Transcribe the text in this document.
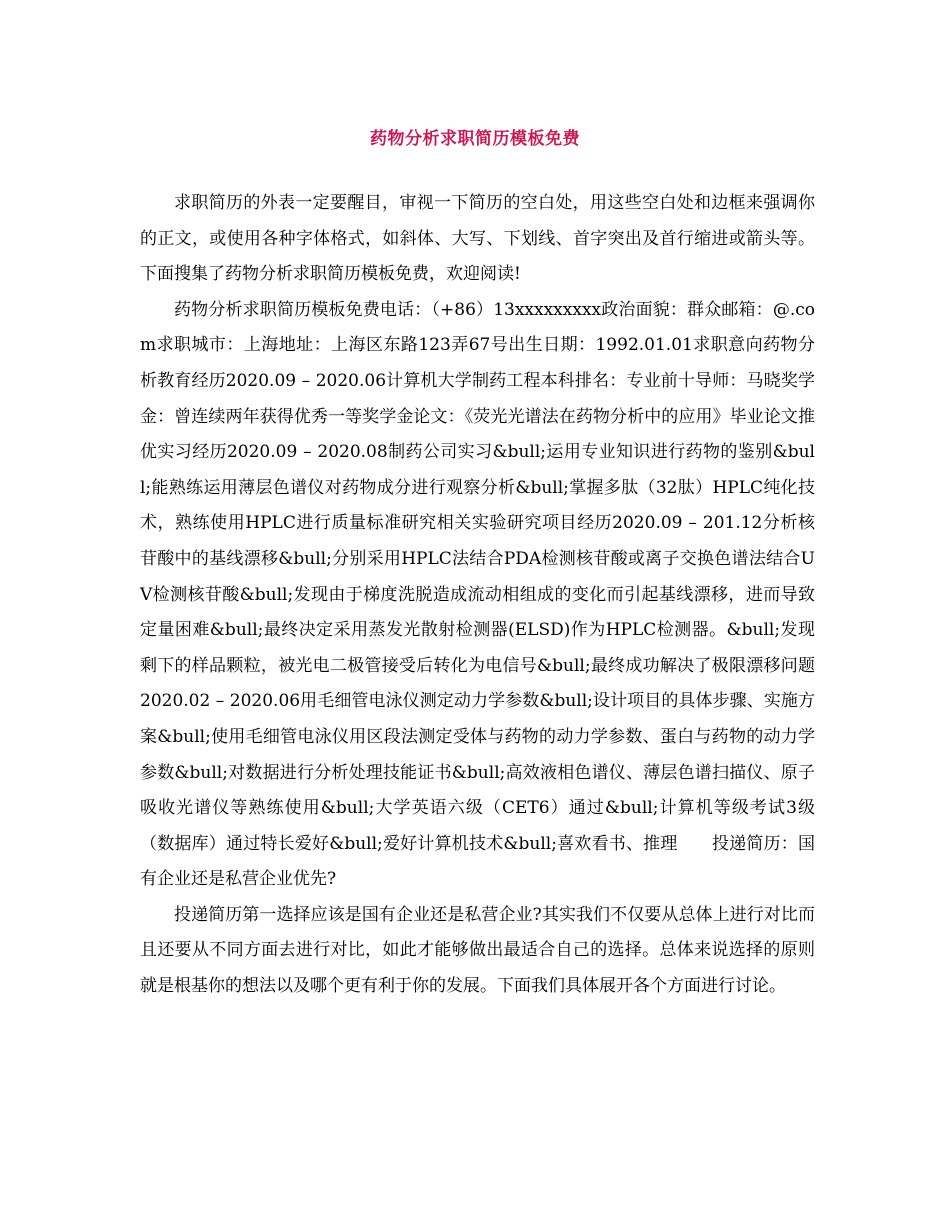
药物分析求职简历模板免费

求职简历的外表一定要醒目，审视一下简历的空白处，用这些空白处和边框来强调你的正文，或使用各种字体格式，如斜体、大写、下划线、首字突出及首行缩进或箭头等。下面搜集了药物分析求职简历模板免费，欢迎阅读!

药物分析求职简历模板免费电话：（+86）13xxxxxxxxx政治面貌：群众邮箱：@.com求职城市：上海地址：上海区东路123弄67号出生日期：1992.01.01求职意向药物分析教育经历2020.09 – 2020.06计算机大学制药工程本科排名：专业前十导师：马晓奖学金：曾连续两年获得优秀一等奖学金论文：《荧光光谱法在药物分析中的应用》毕业论文推优实习经历2020.09 – 2020.08制药公司实习&bull;运用专业知识进行药物的鉴别&bull;能熟练运用薄层色谱仪对药物成分进行观察分析&bull;掌握多肽（32肽）HPLC纯化技术，熟练使用HPLC进行质量标准研究相关实验研究项目经历2020.09 – 201.12分析核苷酸中的基线漂移&bull;分别采用HPLC法结合PDA检测核苷酸或离子交换色谱法结合UV检测核苷酸&bull;发现由于梯度洗脱造成流动相组成的变化而引起基线漂移，进而导致定量困难&bull;最终决定采用蒸发光散射检测器(ELSD)作为HPLC检测器。&bull;发现剩下的样品颗粒，被光电二极管接受后转化为电信号&bull;最终成功解决了极限漂移问题2020.02 – 2020.06用毛细管电泳仪测定动力学参数&bull;设计项目的具体步骤、实施方案&bull;使用毛细管电泳仪用区段法测定受体与药物的动力学参数、蛋白与药物的动力学参数&bull;对数据进行分析处理技能证书&bull;高效液相色谱仪、薄层色谱扫描仪、原子吸收光谱仪等熟练使用&bull;大学英语六级（CET6）通过&bull;计算机等级考试3级（数据库）通过特长爱好&bull;爱好计算机技术&bull;喜欢看书、推理　　投递简历：国有企业还是私营企业优先?

投递简历第一选择应该是国有企业还是私营企业?其实我们不仅要从总体上进行对比而且还要从不同方面去进行对比，如此才能够做出最适合自己的选择。总体来说选择的原则就是根基你的想法以及哪个更有利于你的发展。下面我们具体展开各个方面进行讨论。
